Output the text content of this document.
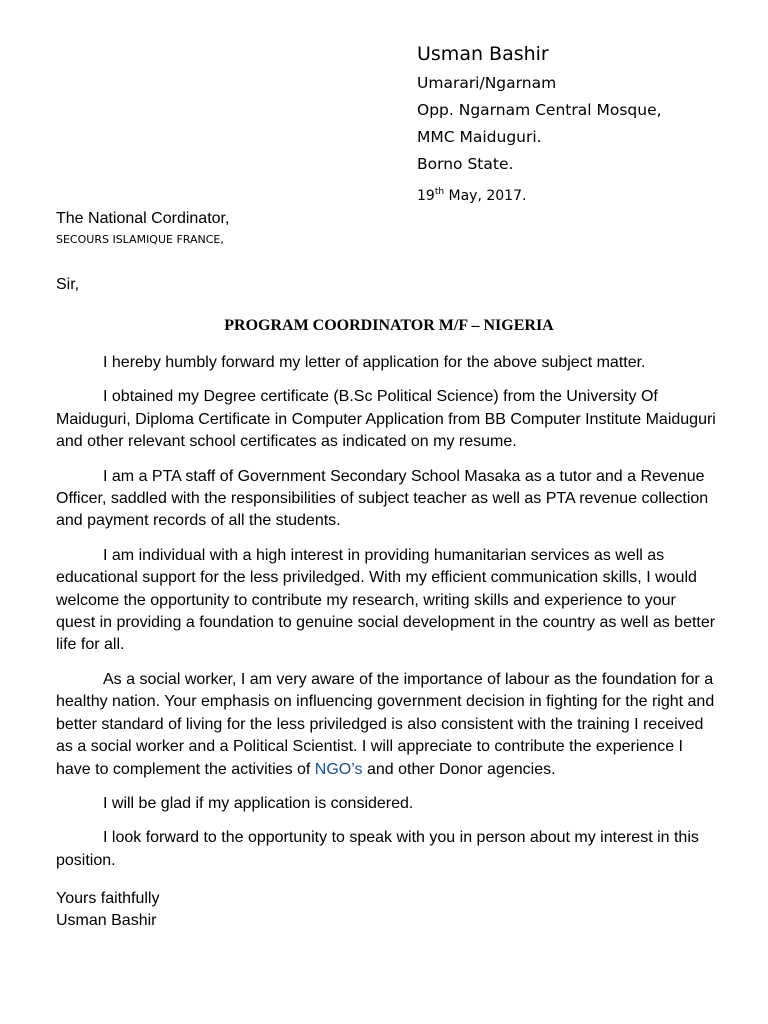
Usman Bashir
Umarari/Ngarnam
Opp. Ngarnam Central Mosque,
MMC Maiduguri.
Borno State.
19th May, 2017.
The National Cordinator,
SECOURS ISLAMIQUE FRANCE,
Sir,
PROGRAM COORDINATOR M/F – NIGERIA

I hereby humbly forward my letter of application for the above subject matter.

I obtained my Degree certificate (B.Sc Political Science) from the University Of Maiduguri, Diploma Certificate in Computer Application from BB Computer Institute Maiduguri and other relevant school certificates as indicated on my resume.

I am a PTA staff of Government Secondary School Masaka as a tutor and a Revenue Officer, saddled with the responsibilities of subject teacher as well as PTA revenue collection and payment records of all the students.

I am individual with a high interest in providing humanitarian services as well as educational support for the less priviledged. With my efficient communication skills, I would welcome the opportunity to contribute my research, writing skills and experience to your quest in providing a foundation to genuine social development in the country as well as better life for all.

As a social worker, I am very aware of the importance of labour as the foundation for a healthy nation. Your emphasis on influencing government decision in fighting for the right and better standard of living for the less priviledged is also consistent with the training I received as a social worker and a Political Scientist. I will appreciate to contribute the experience I have to complement the activities of NGO’s and other Donor agencies.

I will be glad if my application is considered.

I look forward to the opportunity to speak with you in person about my interest in this position.

Yours faithfully
Usman Bashir
